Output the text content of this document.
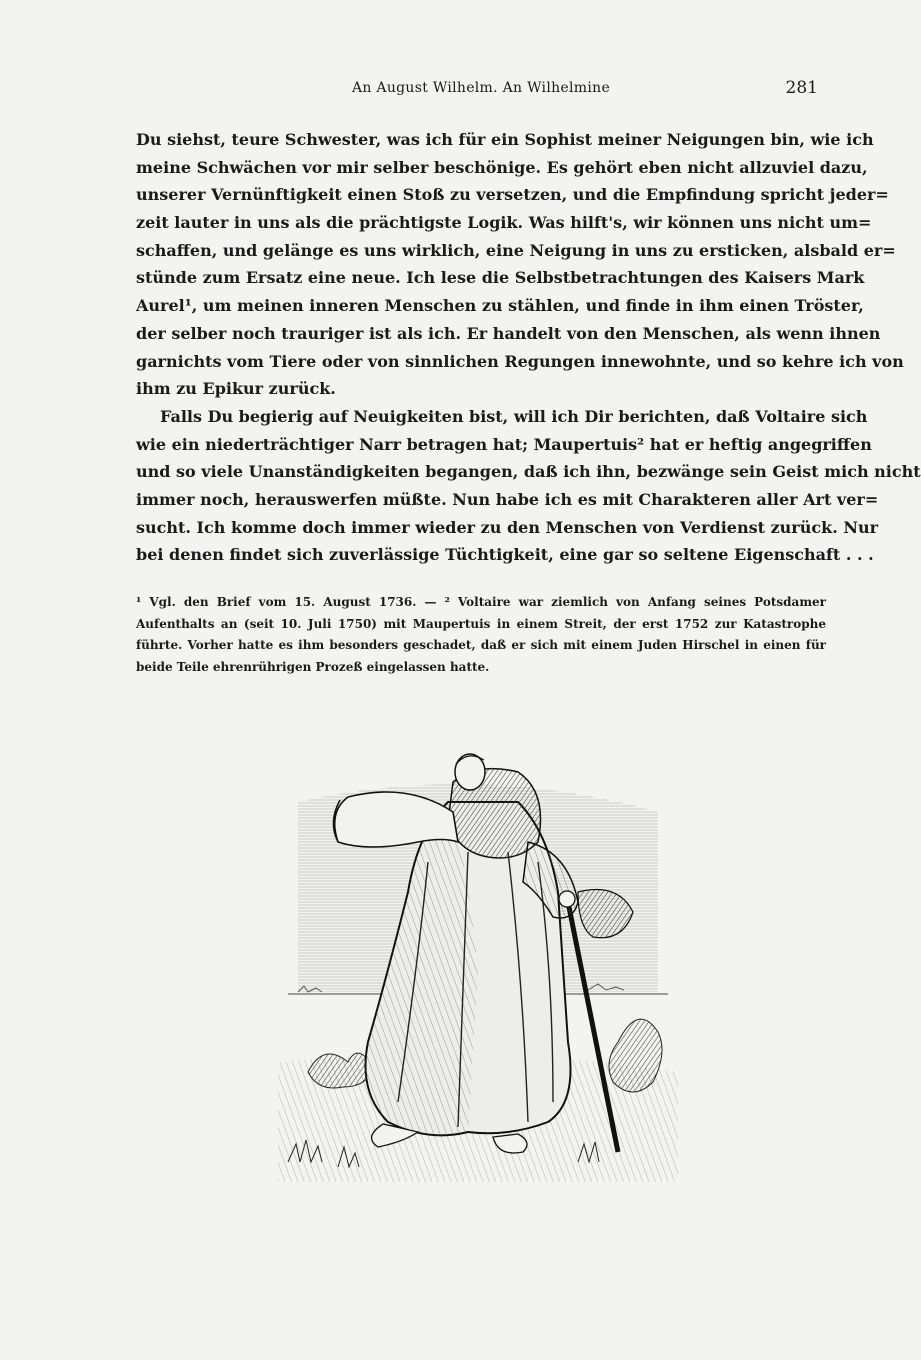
An August Wilhelm. An Wilhelmine	281
Du siehst, teure Schwester, was ich für ein Sophist meiner Neigungen bin, wie ich
meine Schwächen vor mir selber beschönige. Es gehört eben nicht allzuviel dazu,
unserer Vernünftigkeit einen Stoß zu versetzen, und die Empfindung spricht jeder=
zeit lauter in uns als die prächtigste Logik. Was hilft's, wir können uns nicht um=
schaffen, und gelänge es uns wirklich, eine Neigung in uns zu ersticken, alsbald er=
stünde zum Ersatz eine neue. Ich lese die Selbstbetrachtungen des Kaisers Mark
Aurel¹, um meinen inneren Menschen zu stählen, und finde in ihm einen Tröster,
der selber noch trauriger ist als ich. Er handelt von den Menschen, als wenn ihnen
garnichts vom Tiere oder von sinnlichen Regungen innewohnte, und so kehre ich von
ihm zu Epikur zurück.
Falls Du begierig auf Neuigkeiten bist, will ich Dir berichten, daß Voltaire sich
wie ein niederträchtiger Narr betragen hat; Maupertuis² hat er heftig angegriffen
und so viele Unanständigkeiten begangen, daß ich ihn, bezwänge sein Geist mich nicht
immer noch, herauswerfen müßte. Nun habe ich es mit Charakteren aller Art ver=
sucht. Ich komme doch immer wieder zu den Menschen von Verdienst zurück. Nur
bei denen findet sich zuverlässige Tüchtigkeit, eine gar so seltene Eigenschaft . . .
¹ Vgl. den Brief vom 15. August 1736. — ² Voltaire war ziemlich von Anfang seines Potsdamer
Aufenthalts an (seit 10. Juli 1750) mit Maupertuis in einem Streit, der erst 1752 zur Katastrophe
führte. Vorher hatte es ihm besonders geschadet, daß er sich mit einem Juden Hirschel in einen für
beide Teile ehrenrührigen Prozeß eingelassen hatte.
